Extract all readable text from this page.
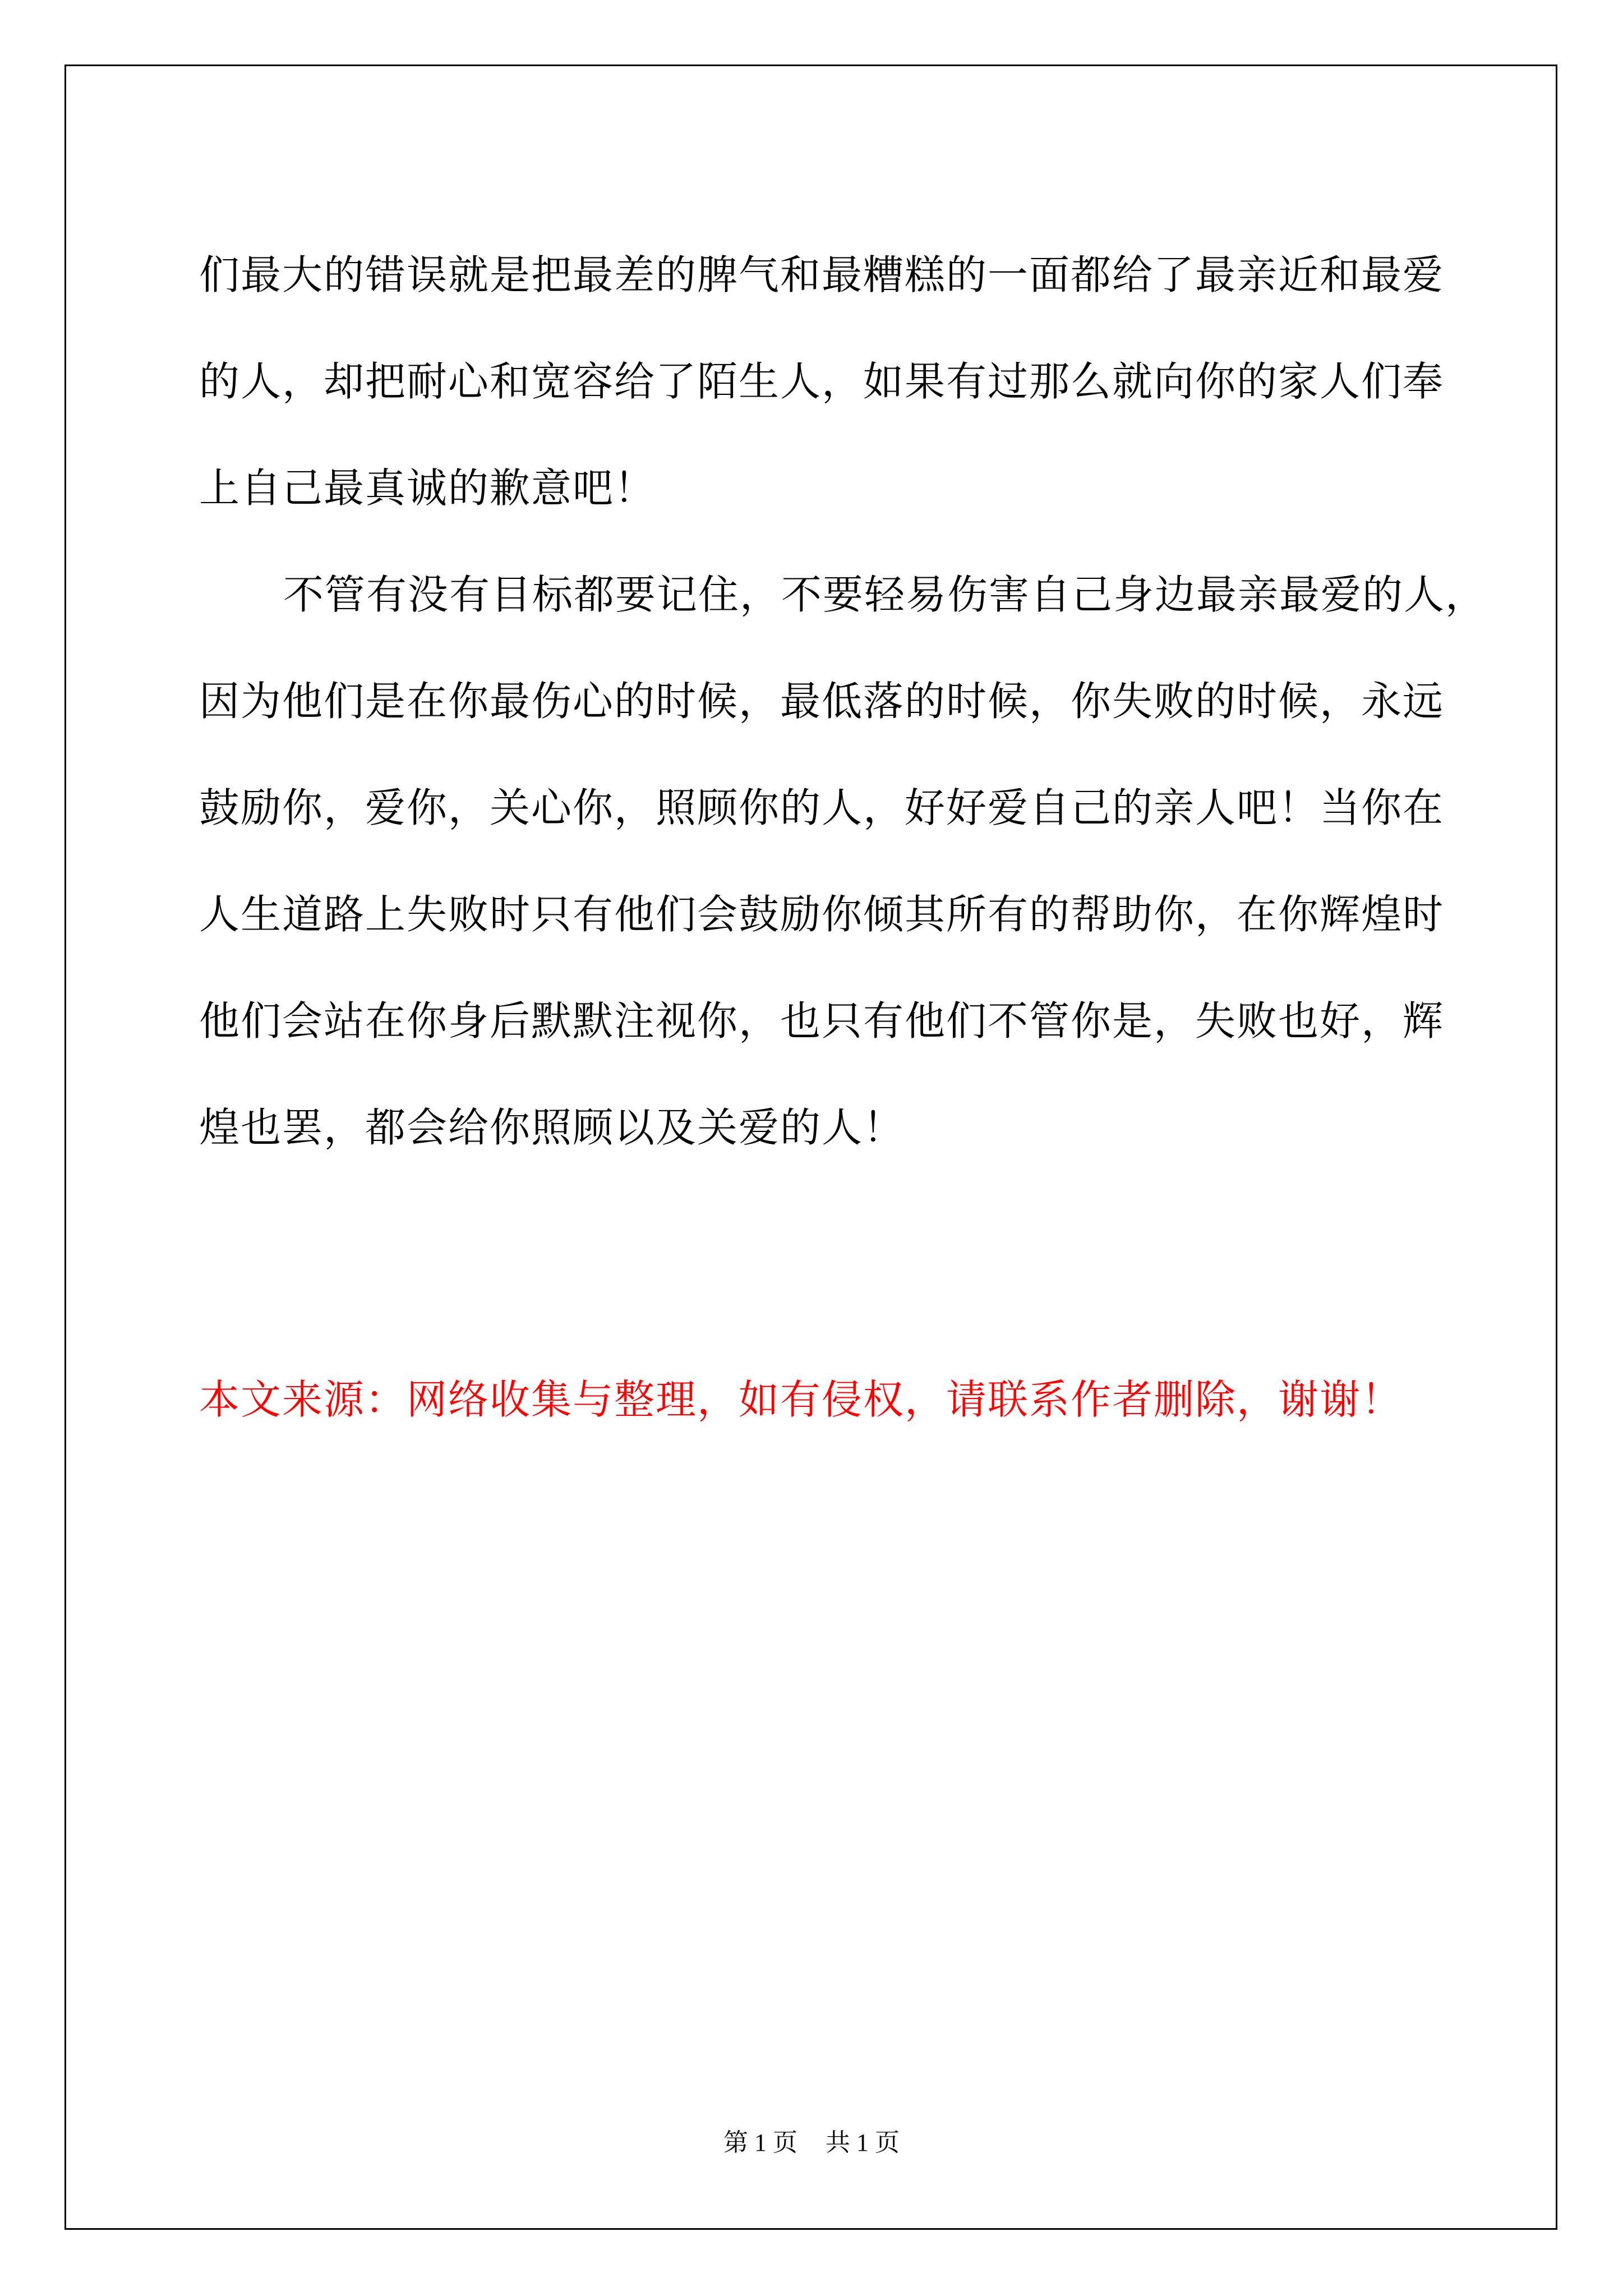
们最大的错误就是把最差的脾气和最糟糕的一面都给了最亲近和最爱
的人，却把耐心和宽容给了陌生人，如果有过那么就向你的家人们奉
上自己最真诚的歉意吧！
不管有没有目标都要记住，不要轻易伤害自己身边最亲最爱的人，
因为他们是在你最伤心的时候，最低落的时候，你失败的时候，永远
鼓励你，爱你，关心你，照顾你的人，好好爱自己的亲人吧！当你在
人生道路上失败时只有他们会鼓励你倾其所有的帮助你，在你辉煌时
他们会站在你身后默默注视你，也只有他们不管你是，失败也好，辉
煌也罢，都会给你照顾以及关爱的人！
本文来源：网络收集与整理，如有侵权，请联系作者删除，谢谢！
第 1 页 共 1 页
